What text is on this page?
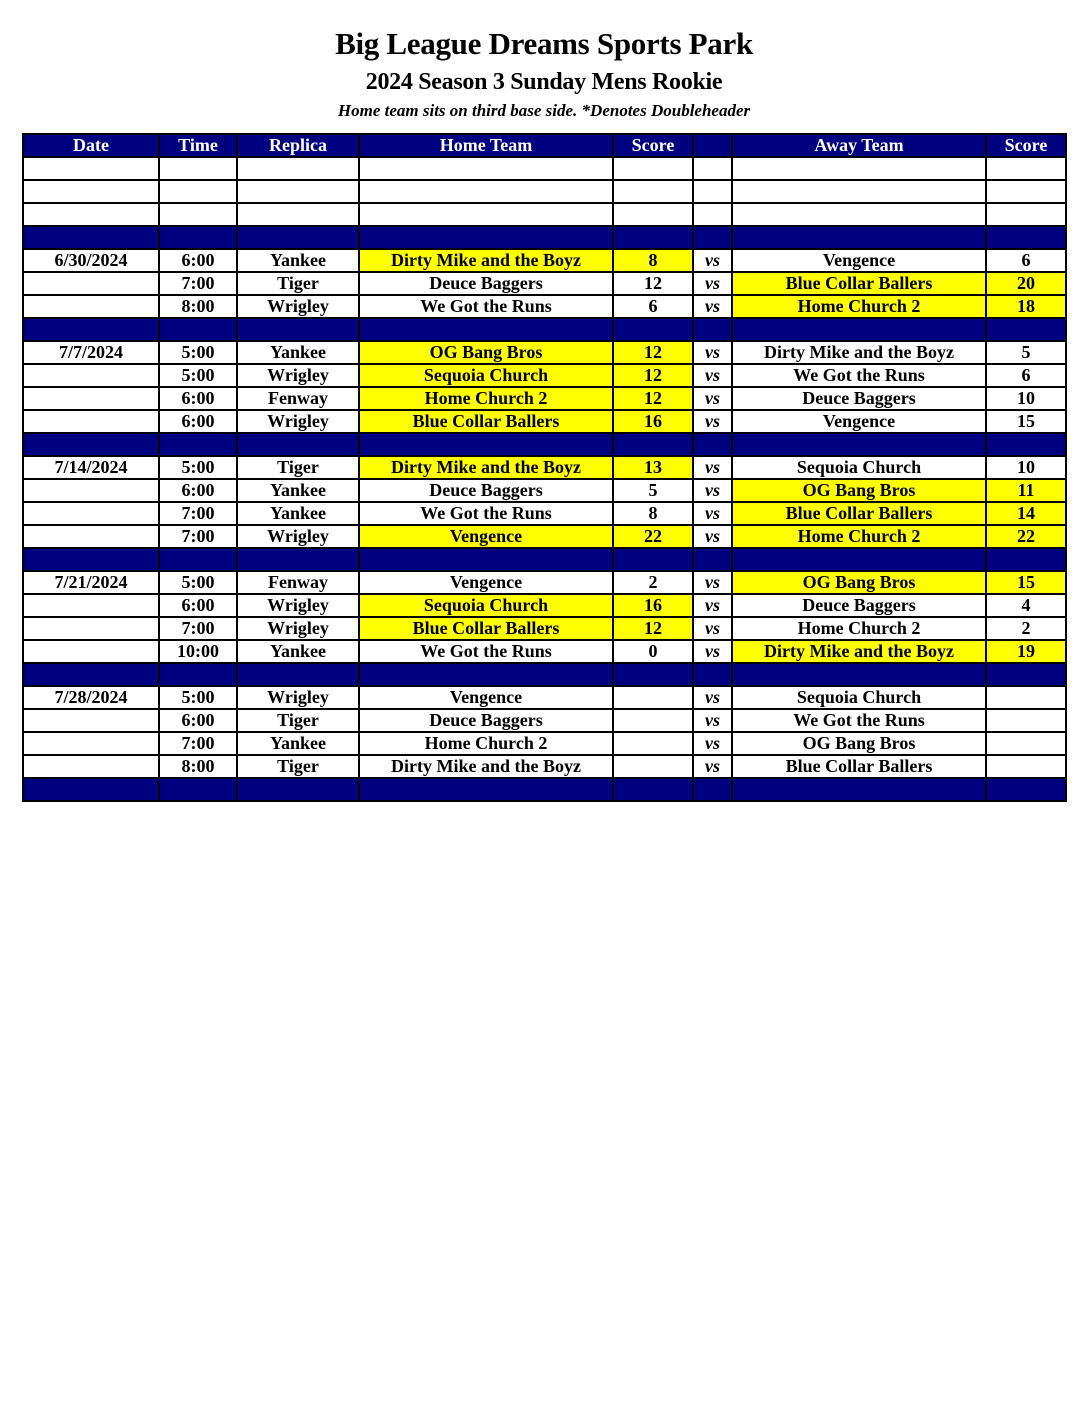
Big League Dreams Sports Park
2024 Season 3 Sunday Mens Rookie
Home team sits on third base side. *Denotes Doubleheader
Date	Time	Replica	Home Team	Score		Away Team	Score

6/30/2024	6:00	Yankee	Dirty Mike and the Boyz	8	vs	Vengence	6
	7:00	Tiger	Deuce Baggers	12	vs	Blue Collar Ballers	20
	8:00	Wrigley	We Got the Runs	6	vs	Home Church 2	18

7/7/2024	5:00	Yankee	OG Bang Bros	12	vs	Dirty Mike and the Boyz	5
	5:00	Wrigley	Sequoia Church	12	vs	We Got the Runs	6
	6:00	Fenway	Home Church 2	12	vs	Deuce Baggers	10
	6:00	Wrigley	Blue Collar Ballers	16	vs	Vengence	15

7/14/2024	5:00	Tiger	Dirty Mike and the Boyz	13	vs	Sequoia Church	10
	6:00	Yankee	Deuce Baggers	5	vs	OG Bang Bros	11
	7:00	Yankee	We Got the Runs	8	vs	Blue Collar Ballers	14
	7:00	Wrigley	Vengence	22	vs	Home Church 2	22

7/21/2024	5:00	Fenway	Vengence	2	vs	OG Bang Bros	15
	6:00	Wrigley	Sequoia Church	16	vs	Deuce Baggers	4
	7:00	Wrigley	Blue Collar Ballers	12	vs	Home Church 2	2
	10:00	Yankee	We Got the Runs	0	vs	Dirty Mike and the Boyz	19

7/28/2024	5:00	Wrigley	Vengence		vs	Sequoia Church	
	6:00	Tiger	Deuce Baggers		vs	We Got the Runs	
	7:00	Yankee	Home Church 2		vs	OG Bang Bros	
	8:00	Tiger	Dirty Mike and the Boyz		vs	Blue Collar Ballers	
